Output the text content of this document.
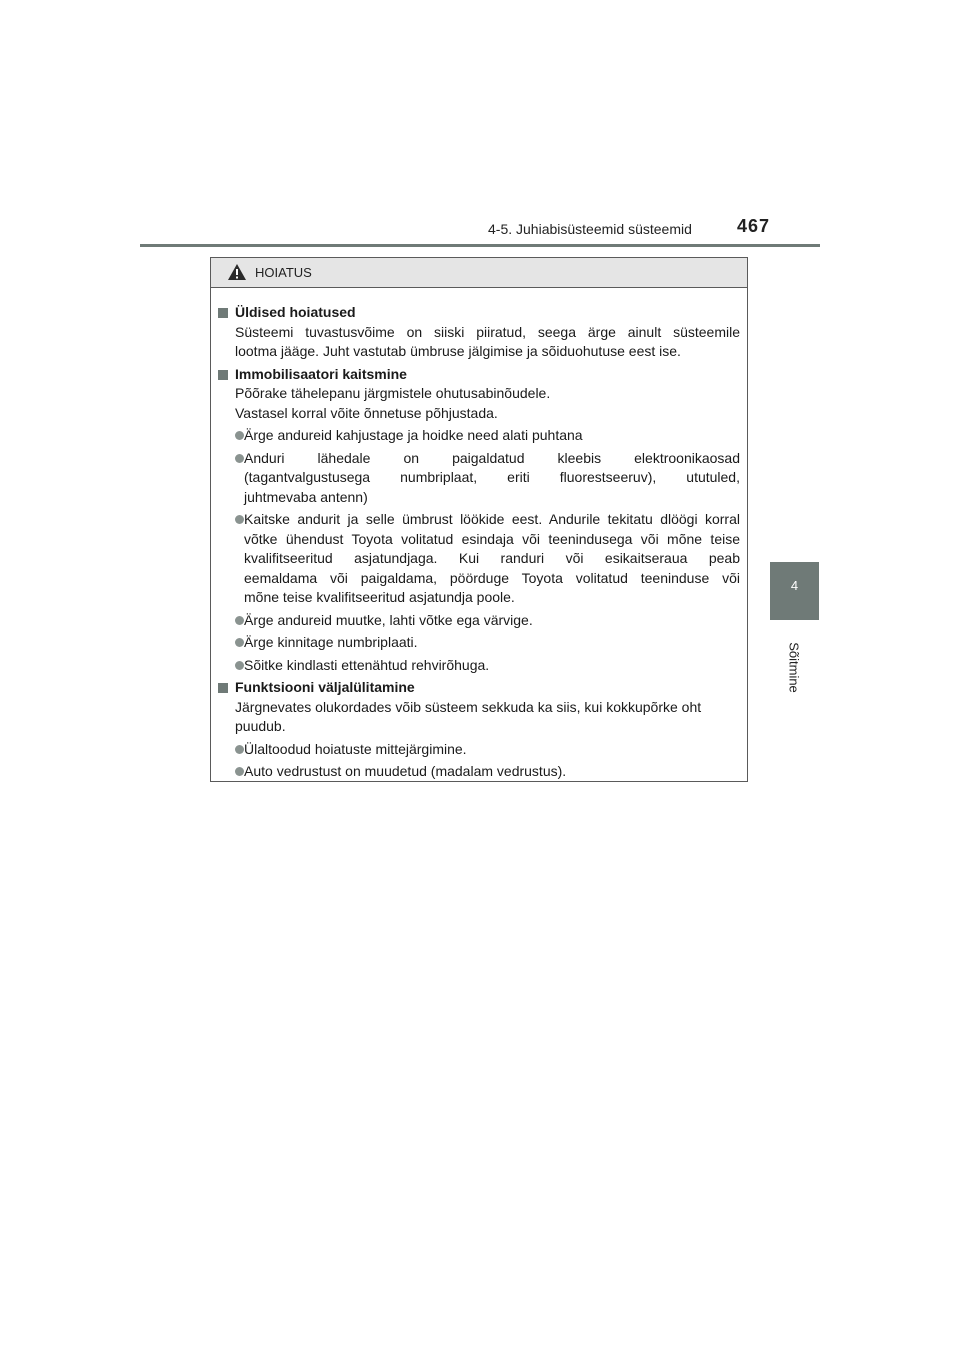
4-5. Juhiabisüsteemid süsteemid	467
4
Sõitmine
HOIATUS
Üldised hoiatused
Süsteemi tuvastusvõime on siiski piiratud, seega ärge ainult süsteemile
lootma jääge. Juht vastutab ümbruse jälgimise ja sõiduohutuse eest ise.
Immobilisaatori kaitsmine
Põõrake tähelepanu järgmistele ohutusabinõudele.
Vastasel korral võite õnnetuse põhjustada.
Ärge andureid kahjustage ja hoidke need alati puhtana
Anduri lähedale on paigaldatud kleebis elektroonikaosad
(tagantvalgustusega numbriplaat, eriti fluorestseeruv), ututuled,
juhtmevaba antenn)
Kaitske andurit ja selle ümbrust löökide eest. Andurile tekitatu dlöögi korral
võtke ühendust Toyota volitatud esindaja või teenindusega või mõne teise
kvalifitseeritud asjatundjaga. Kui randuri või esikaitseraua peab
eemaldama või paigaldama, pöörduge Toyota volitatud teeninduse või
mõne teise kvalifitseeritud asjatundja poole.
Ärge andureid muutke, lahti võtke ega värvige.
Ärge kinnitage numbriplaati.
Sõitke kindlasti ettenähtud rehvirõhuga.
Funktsiooni väljalülitamine
Järgnevates olukordades võib süsteem sekkuda ka siis, kui kokkupõrke oht
puudub.
Ülaltoodud hoiatuste mittejärgimine.
Auto vedrustust on muudetud (madalam vedrustus).
